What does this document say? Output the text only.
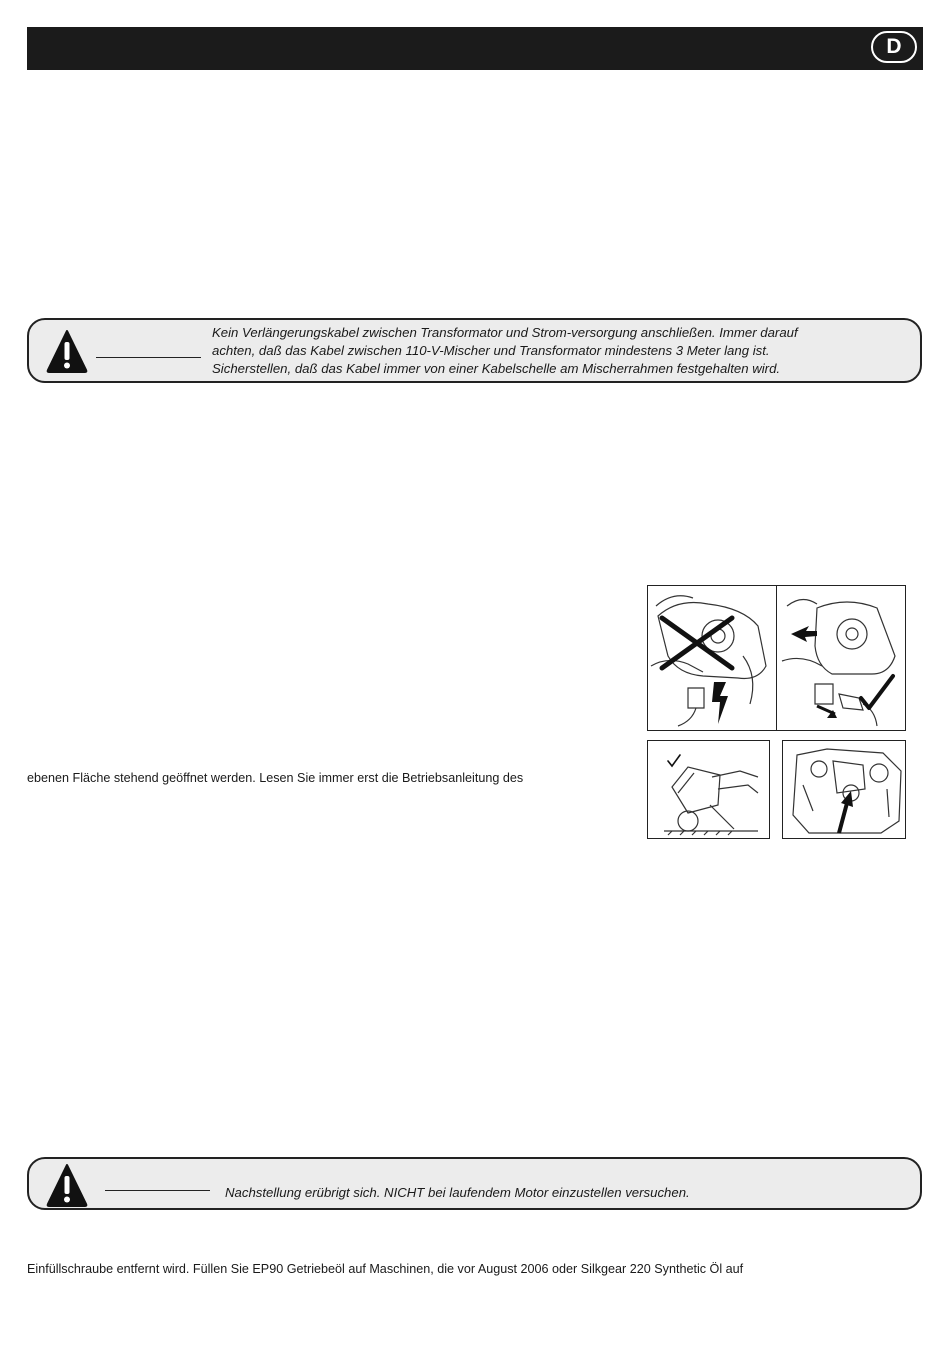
D
Kein Verlängerungskabel zwischen Transformator und Strom-versorgung anschließen. Immer darauf
achten, daß das Kabel zwischen 110-V-Mischer und Transformator mindestens 3 Meter lang ist.
Sicherstellen, daß das Kabel immer von einer Kabelschelle am Mischerrahmen festgehalten wird.
ebenen Fläche stehend geöffnet werden. Lesen Sie immer erst die Betriebsanleitung des
Nachstellung erübrigt sich. NICHT bei laufendem Motor einzustellen versuchen.
Einfüllschraube entfernt wird. Füllen Sie EP90 Getriebeöl auf Maschinen, die vor August 2006 oder Silkgear 220 Synthetic Öl auf
